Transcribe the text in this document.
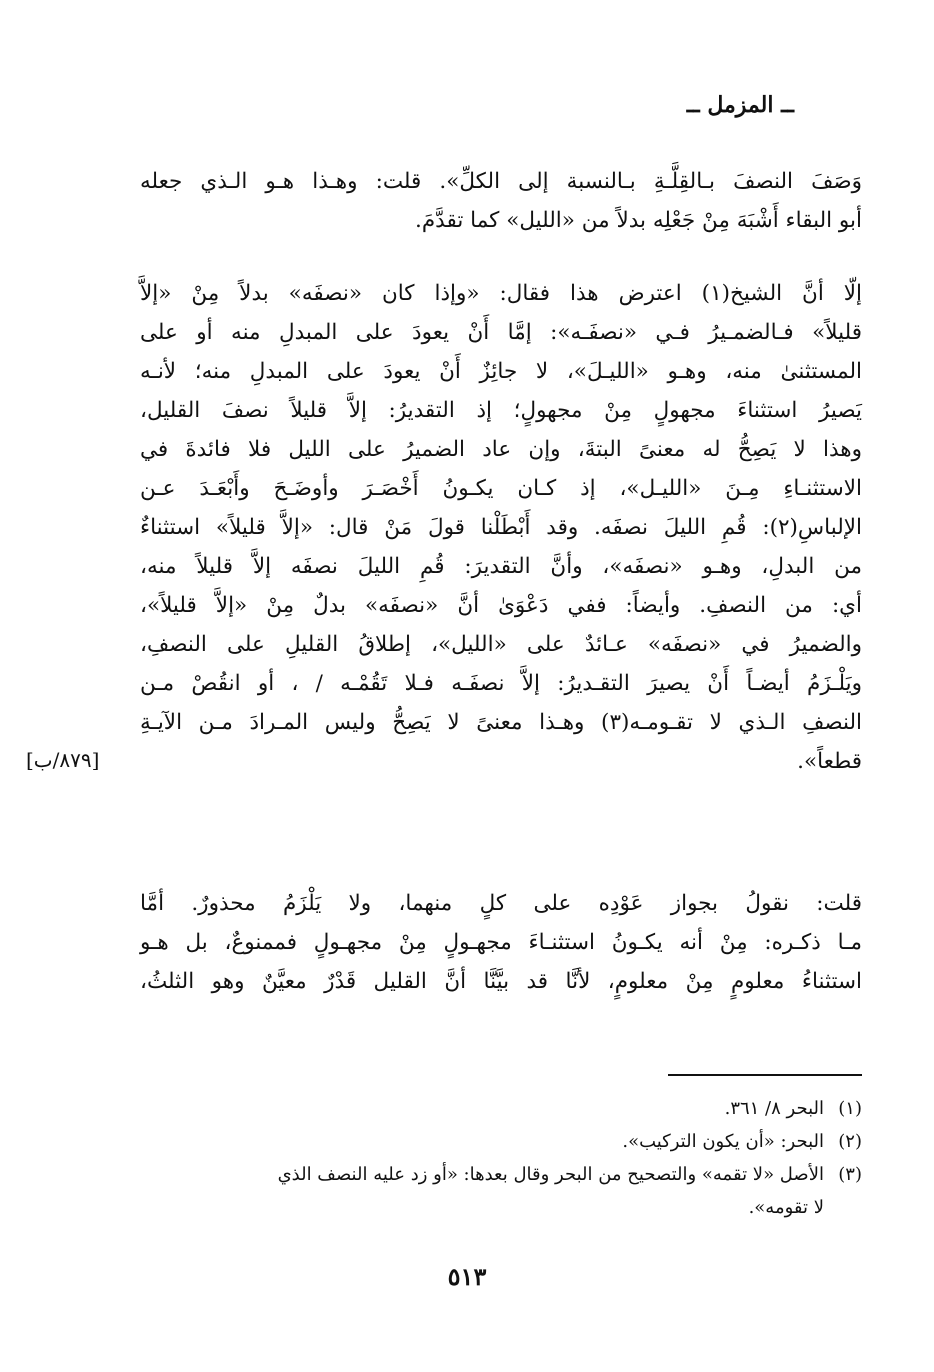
ــ المزمل ــ
وَصَفَ النصفَ بـالقِلَّـةِ بـالنسبة إلى الكلِّ». قلت: وهـذا هـو الـذي جعله
أبو البقاء أَشْبَهَ مِنْ جَعْلِه بدلاً من «الليل» كما تقدَّمَ.
إلّا أنَّ الشيخ(١) اعترض هذا فقال: «وإذا كان «نصفَه» بدلاً مِنْ «إلاَّ
قليلاً» فـالضمـيرُ فـي «نصفَـه»: إمَّا أَنْ يعودَ على المبدلِ منه أو على
المستثنىٰ منه، وهـو «الليـلَ»، لا جائِزٌ أَنْ يعودَ على المبدلِ منه؛ لأنـه
يَصيرُ استثناءَ مجهولٍ مِنْ مجهولٍ؛ إذ التقديرُ: إلاَّ قليلاً نصفَ القليل،
وهذا لا يَصِحُّ له معنىً البتةَ، وإن عاد الضميرُ على الليل فلا فائدةَ في
الاستثنـاءِ مِـنَ «الليـل»، إذ كـان يكـونُ أَخْصَـرَ وأوضَـحَ وأَبْعَـدَ عـن
الإلباسِ(٢): قُمِ الليلَ نصفَه. وقد أَبْطَلْنا قولَ مَنْ قال: «إلاَّ قليلاً» استثناءٌ
من البدلِ، وهـو «نصفَه»، وأنَّ التقديرَ: قُمِ الليلَ نصفَه إلاَّ قليلاً منه،
أي: من النصفِ. وأيضاً: ففي دَعْوَىٰ أنَّ «نصفَه» بدلٌ مِنْ «إلاَّ قليلاً»،
والضميرُ في «نصفَه» عـائدٌ على «الليل»، إطلاقُ القليلِ على النصفِ،
ويَلْـزَمُ أيضـاً أَنْ يصيرَ التقـديرُ: إلاَّ نصفَـه فـلا تَقُمْـه / ، أو انقُصْ مـن
النصفِ الـذي لا تقـومـه(٣) وهـذا معنىً لا يَصِحُّ وليس المـرادَ مـن الآيـةِ
قطعاً».
[٨٧٩/ب]
قلت: نقولُ بجواز عَوْدِه على كلٍ منهما، ولا يَلْزَمُ محذورٌ. أمَّا
مـا ذكـره: مِنْ أنه يكـونُ استثنـاءَ مجهـولٍ مِنْ مجهـولٍ فممنوعٌ، بل هـو
استثناءُ معلومٍ مِنْ معلومٍ، لأنَّا قد بيَّنَّا أنَّ القليل قَدْرٌ معيَّنٌ وهو الثلثُ،
(١)البحر ٨/ ٣٦١.
(٢)البحر: «أن يكون التركيب».
(٣)الأصل «لا تقمه» والتصحيح من البحر وقال بعدها: «أو زد عليه النصف الذي
لا تقومه».
٥١٣
